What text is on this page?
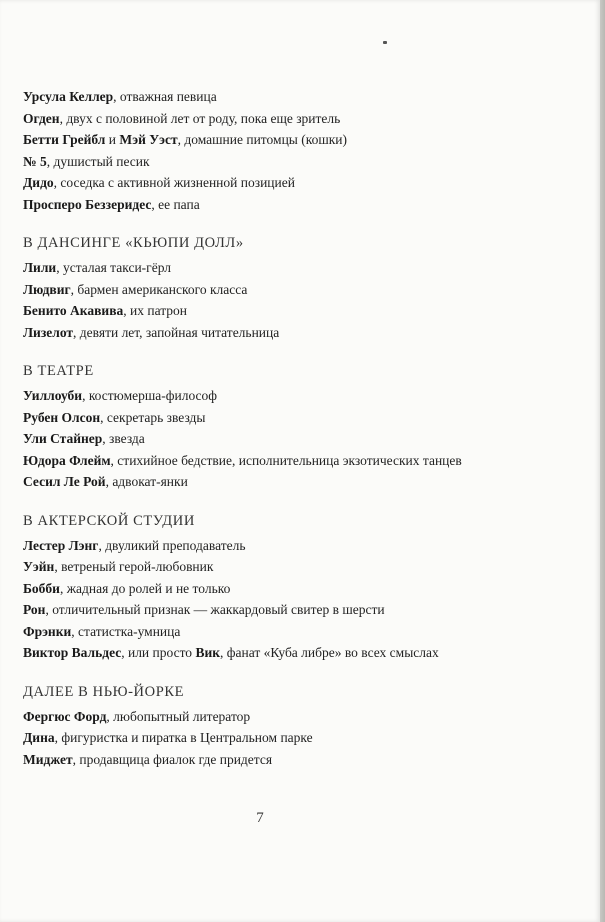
Урсула Келлер, отважная певица
Огден, двух с половиной лет от роду, пока еще зритель
Бетти Грейбл и Мэй Уэст, домашние питомцы (кошки)
№ 5, душистый песик
Дидо, соседка с активной жизненной позицией
Просперо Беззеридес, ее папа
В ДАНСИНГЕ «КЬЮПИ ДОЛЛ»
Лили, усталая такси-гёрл
Людвиг, бармен американского класса
Бенито Акавива, их патрон
Лизелот, девяти лет, запойная читательница
В ТЕАТРЕ
Уиллоуби, костюмерша-философ
Рубен Олсон, секретарь звезды
Ули Стайнер, звезда
Юдора Флейм, стихийное бедствие, исполнительница экзотических танцев
Сесил Ле Рой, адвокат-янки
В АКТЕРСКОЙ СТУДИИ
Лестер Лэнг, двуликий преподаватель
Уэйн, ветреный герой-любовник
Бобби, жадная до ролей и не только
Рон, отличительный признак — жаккардовый свитер в шерсти
Фрэнки, статистка-умница
Виктор Вальдес, или просто Вик, фанат «Куба либре» во всех смыслах
ДАЛЕЕ В НЬЮ-ЙОРКЕ
Фергюс Форд, любопытный литератор
Дина, фигуристка и пиратка в Центральном парке
Миджет, продавщица фиалок где придется
7
